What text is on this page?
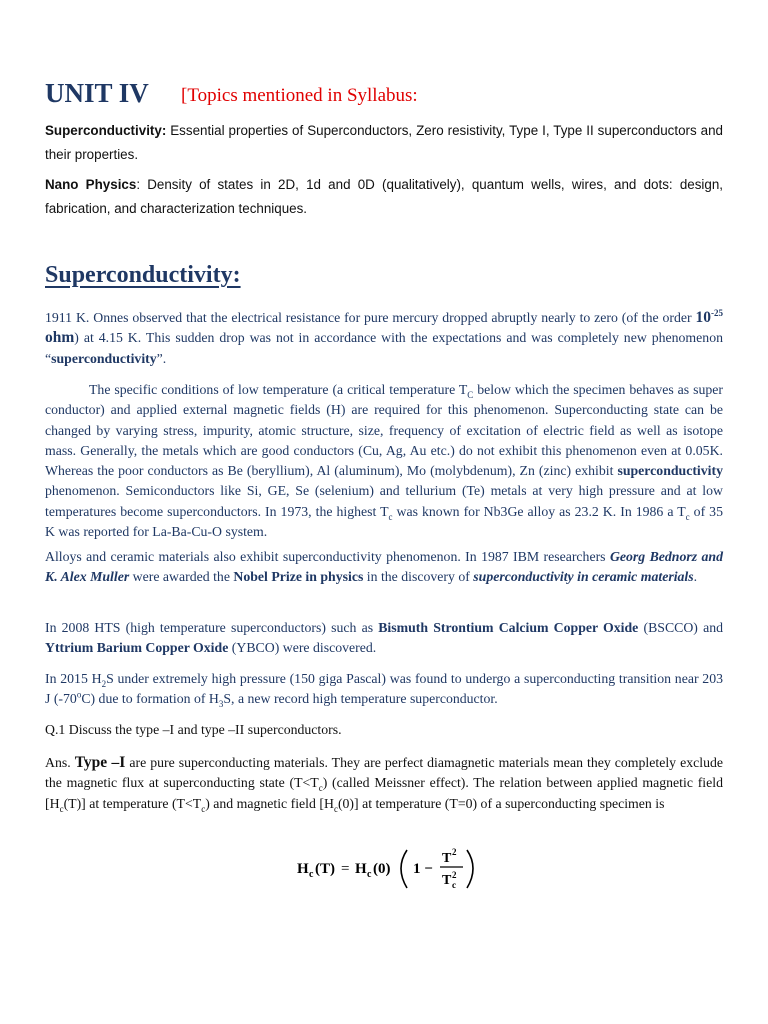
UNIT IV [Topics mentioned in Syllabus:
Superconductivity: Essential properties of Superconductors, Zero resistivity, Type I, Type II superconductors and their properties.
Nano Physics: Density of states in 2D, 1d and 0D (qualitatively), quantum wells, wires, and dots: design, fabrication, and characterization techniques.
Superconductivity:

1911 K. Onnes observed that the electrical resistance for pure mercury dropped abruptly nearly to zero (of the order $10^{-25}$ ohm) at 4.15 K. This sudden drop was not in accordance with the expectations and was completely new phenomenon “superconductivity”.

The specific conditions of low temperature (a critical temperature $T_C$ below which the specimen behaves as super conductor) and applied external magnetic fields (H) are required for this phenomenon. Superconducting state can be changed by varying stress, impurity, atomic structure, size, frequency of excitation of electric field as well as isotope mass. Generally, the metals which are good conductors (Cu, Ag, Au etc.) do not exhibit this phenomenon even at 0.05K. Whereas the poor conductors as Be (beryllium), Al (aluminum), Mo (molybdenum), Zn (zinc) exhibit superconductivity phenomenon. Semiconductors like Si, GE, Se (selenium) and tellurium (Te) metals at very high pressure and at low temperatures become superconductors. In 1973, the highest $T_c$ was known for Nb3Ge alloy as 23.2 K. In 1986 a $T_c$ of 35 K was reported for La-Ba-Cu-O system.

Alloys and ceramic materials also exhibit superconductivity phenomenon. In 1987 IBM researchers Georg Bednorz and K. Alex Muller were awarded the Nobel Prize in physics in the discovery of superconductivity in ceramic materials.

In 2008 HTS (high temperature superconductors) such as Bismuth Strontium Calcium Copper Oxide (BSCCO) and Yttrium Barium Copper Oxide (YBCO) were discovered.

In 2015 $H_2S$ under extremely high pressure (150 giga Pascal) was found to undergo a superconducting transition near 203 J (-70$^o$C) due to formation of $H_3S$, a new record high temperature superconductor.

Q.1 Discuss the type –I and type –II superconductors.

Ans. Type –I are pure superconducting materials. They are perfect diamagnetic materials mean they completely exclude the magnetic flux at superconducting state $(T<T_c)$ (called Meissner effect). The relation between applied magnetic field $[H_c(T)]$ at temperature $(T<T_c)$ and magnetic field $[H_c(0)]$ at temperature (T=0) of a superconducting specimen is

H c (T) = H c (0) 1 −
T 2
T c
2
